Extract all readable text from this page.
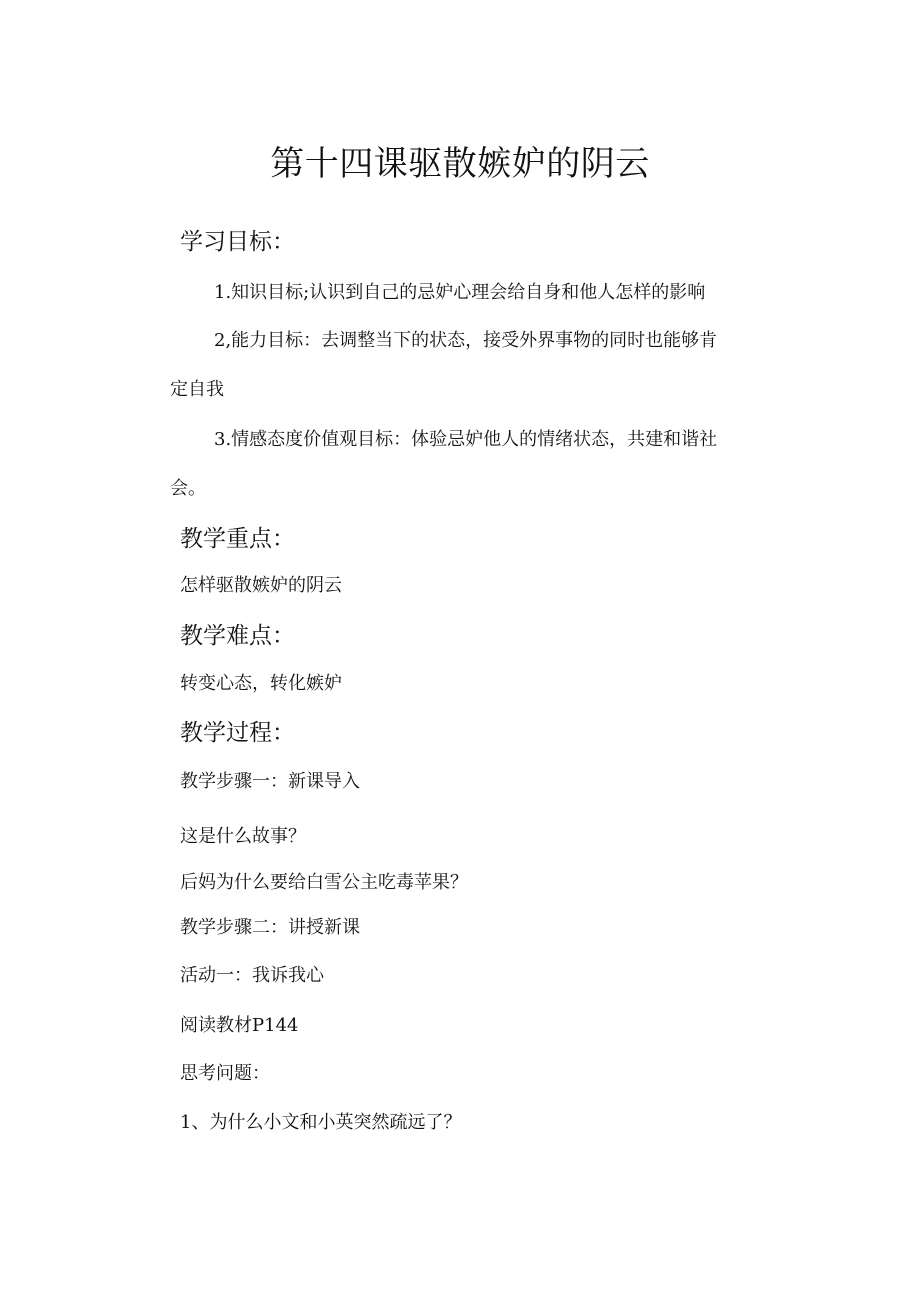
第十四课驱散嫉妒的阴云
学习目标：
1.知识目标;认识到自己的忌妒心理会给自身和他人怎样的影响
2,能力目标：去调整当下的状态，接受外界事物的同时也能够肯
定自我
3.情感态度价值观目标：体验忌妒他人的情绪状态，共建和谐社
会。
教学重点：
怎样驱散嫉妒的阴云
教学难点：
转变心态，转化嫉妒
教学过程：
教学步骤一：新课导入
这是什么故事？
后妈为什么要给白雪公主吃毒苹果？
教学步骤二：讲授新课
活动一：我诉我心
阅读教材P144
思考问题：
1、为什么小文和小英突然疏远了？
